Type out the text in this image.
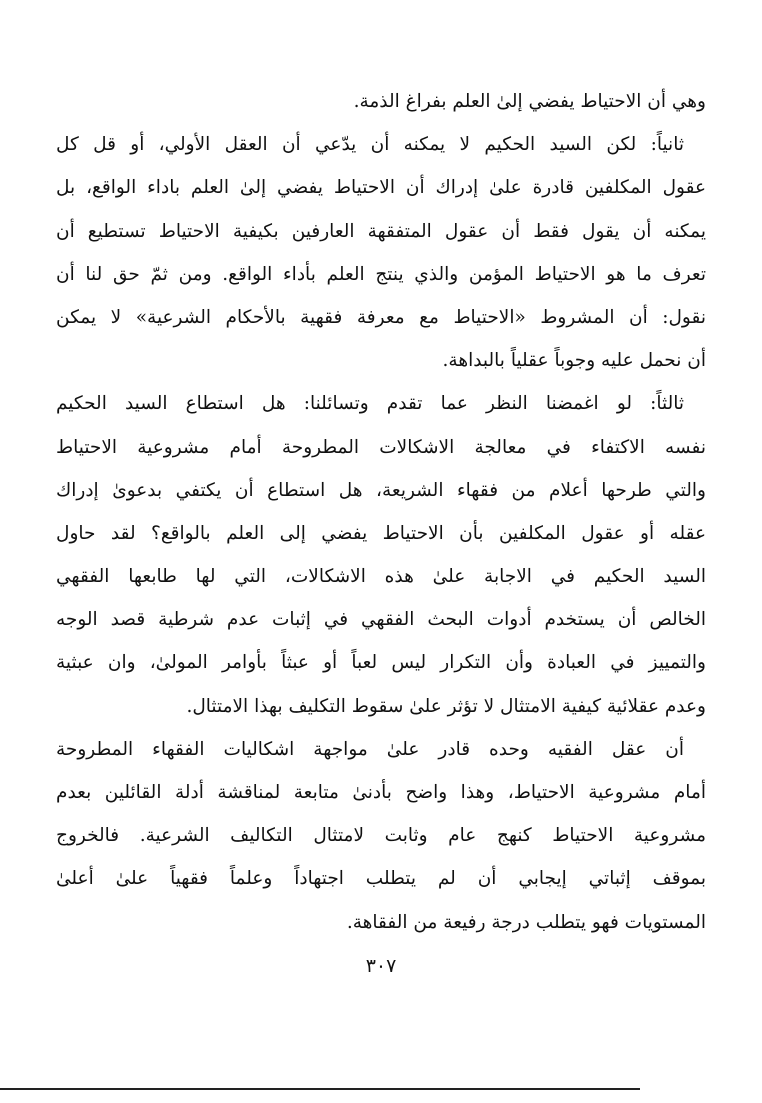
وهي أن الاحتياط يفضي إلىٰ العلم بفراغ الذمة.
ثانياً: لكن السيد الحكيم لا يمكنه أن يدّعي أن العقل الأولي، أو قل كل
عقول المكلفين قادرة علىٰ إدراك أن الاحتياط يفضي إلىٰ العلم باداء الواقع، بل
يمكنه أن يقول فقط أن عقول المتفقهة العارفين بكيفية الاحتياط تستطيع أن
تعرف ما هو الاحتياط المؤمن والذي ينتج العلم بأداء الواقع. ومن ثمّ حق لنا أن
نقول: أن المشروط «الاحتياط مع معرفة فقهية بالأحكام الشرعية» لا يمكن
أن نحمل عليه وجوباً عقلياً بالبداهة.
ثالثاً: لو اغمضنا النظر عما تقدم وتسائلنا: هل استطاع السيد الحكيم
نفسه الاكتفاء في معالجة الاشكالات المطروحة أمام مشروعية الاحتياط
والتي طرحها أعلام من فقهاء الشريعة، هل استطاع أن يكتفي بدعوىٰ إدراك
عقله أو عقول المكلفين بأن الاحتياط يفضي إلى العلم بالواقع؟ لقد حاول
السيد الحكيم في الاجابة علىٰ هذه الاشكالات، التي لها طابعها الفقهي
الخالص أن يستخدم أدوات البحث الفقهي في إثبات عدم شرطية قصد الوجه
والتمييز في العبادة وأن التكرار ليس لعباً أو عبثاً بأوامر المولىٰ، وان عبثية
وعدم عقلائية كيفية الامتثال لا تؤثر علىٰ سقوط التكليف بهذا الامتثال.
أن عقل الفقيه وحده قادر علىٰ مواجهة اشكاليات الفقهاء المطروحة
أمام مشروعية الاحتياط، وهذا واضح بأدنىٰ متابعة لمناقشة أدلة القائلين بعدم
مشروعية الاحتياط كنهج عام وثابت لامتثال التكاليف الشرعية. فالخروج
بموقف إثباتي إيجابي أن لم يتطلب اجتهاداً وعلماً فقهياً علىٰ أعلىٰ
المستويات فهو يتطلب درجة رفيعة من الفقاهة.
٣٠٧
